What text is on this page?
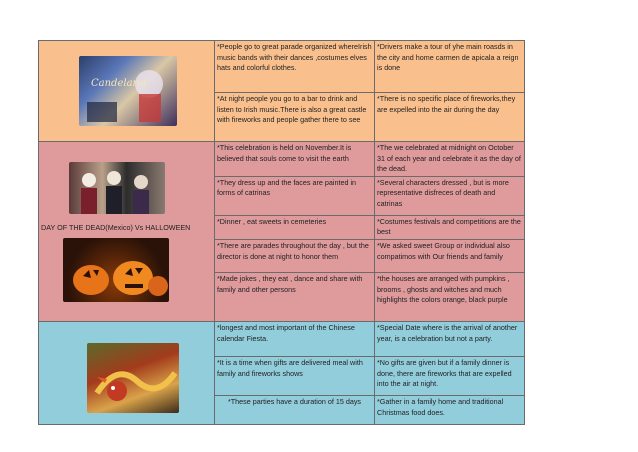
Candelaria	*People go to great parade organized whereIrish music bands with their dances ,costumes elves hats and colorful clothes.	*Drivers make a tour of yhe main roasds in the city and home carmen de apicala a reign is done
	*At night people you go to a bar to drink and listen to Irish music.There is also a great castle with fireworks and people gather there to see	*There is no specific place of fireworks,they are expelled into the air during the day

DAY OF THE DEAD(Mexico) Vs HALLOWEEN	*This celebration is held on November.It is believed that souls come to visit the earth	*The we celebrated at midnight on October 31 of each year and celebrate it as the day of the dead.
	*They dress up and the faces are painted in forms of catrinas	*Several characters dressed , but is more representative disfreces of death and catrinas
	*Dinner , eat sweets in cemeteries	*Costumes festivals and competitions are the best
	*There are parades throughout the day , but the director is done at night to honor them	*We asked sweet Group or individual also compatimos with Our friends and family
	*Made jokes , they eat , dance and share with family and other persons	*the houses are arranged with pumpkins , brooms , ghosts and witches and much highlights the colors orange, black purple

	*longest and most important of the Chinese calendar Fiesta.	*Special Date where is the arrival of another year, is a celebration but not a party.
	*It is a time when gifts are delivered meal with family and fireworks shows	*No gifts are given but if a family dinner is done, there are fireworks that are expelled into the air at night.
	*These parties have a duration of 15 days	*Gather in a family home and traditional Christmas food does.
